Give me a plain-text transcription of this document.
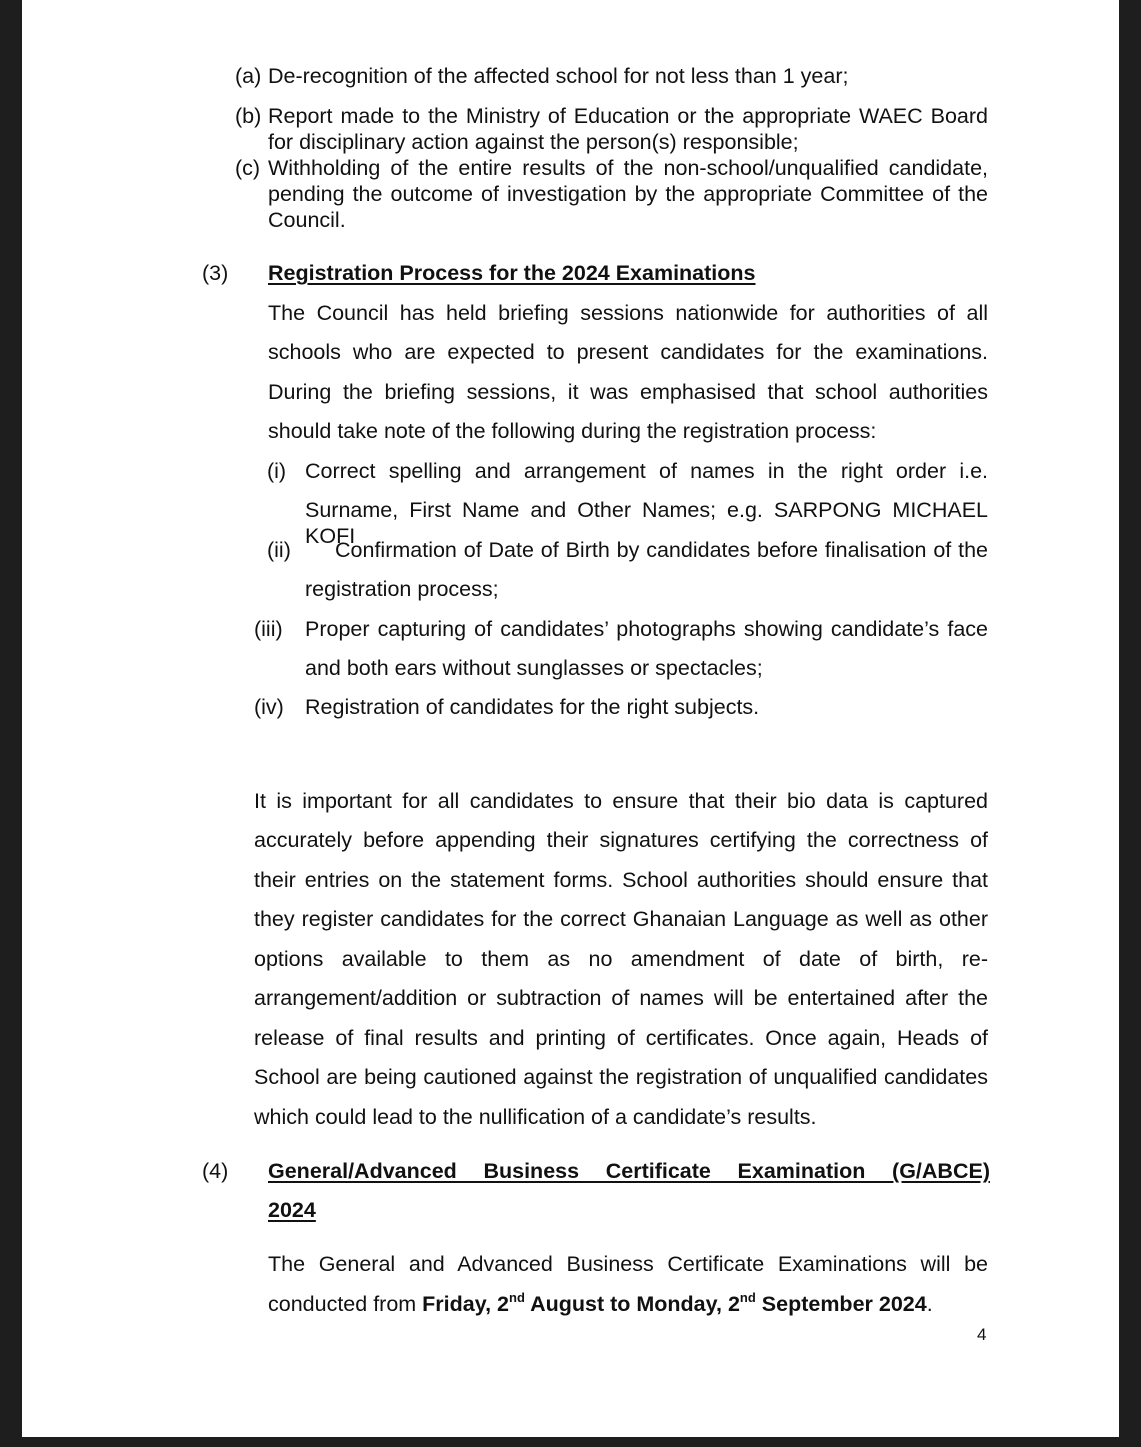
(a) De-recognition of the affected school for not less than 1 year;
(b) Report made to the Ministry of Education or the appropriate WAEC Board
for disciplinary action against the person(s) responsible;
(c) Withholding of the entire results of the non-school/unqualified candidate,
pending the outcome of investigation by the appropriate Committee of the
Council.
(3) Registration Process for the 2024 Examinations
The Council has held briefing sessions nationwide for authorities of all
schools who are expected to present candidates for the examinations.
During the briefing sessions, it was emphasised that school authorities
should take note of the following during the registration process:
(i) Correct spelling and arrangement of names in the right order i.e.
Surname, First Name and Other Names; e.g. SARPONG MICHAEL KOFI
(ii) Confirmation of Date of Birth by candidates before finalisation of the
registration process;
(iii) Proper capturing of candidates’ photographs showing candidate’s face
and both ears without sunglasses or spectacles;
(iv) Registration of candidates for the right subjects.
It is important for all candidates to ensure that their bio data is captured
accurately before appending their signatures certifying the correctness of
their entries on the statement forms. School authorities should ensure that
they register candidates for the correct Ghanaian Language as well as other
options available to them as no amendment of date of birth, re-
arrangement/addition or subtraction of names will be entertained after the
release of final results and printing of certificates. Once again, Heads of
School are being cautioned against the registration of unqualified candidates
which could lead to the nullification of a candidate’s results.
(4) General/Advanced Business Certificate Examination (G/ABCE)
2024
The General and Advanced Business Certificate Examinations will be
conducted from Friday, 2nd August to Monday, 2nd September 2024.
4
